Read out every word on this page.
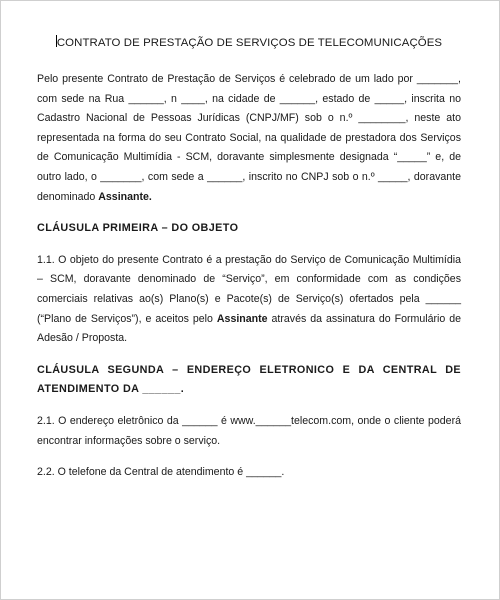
CONTRATO DE PRESTAÇÃO DE SERVIÇOS DE TELECOMUNICAÇÕES

Pelo presente Contrato de Prestação de Serviços é celebrado de um lado por _______, com sede na Rua ______, n ____, na cidade de ______, estado de _____, inscrita no Cadastro Nacional de Pessoas Jurídicas (CNPJ/MF) sob o n.º ________, neste ato representada na forma do seu Contrato Social, na qualidade de prestadora dos Serviços de Comunicação Multimídia - SCM, doravante simplesmente designada “_____” e, de outro lado, o _______, com sede a ______, inscrito no CNPJ sob o n.º _____, doravante denominado Assinante.

CLÁUSULA PRIMEIRA – DO OBJETO

1.1. O objeto do presente Contrato é a prestação do Serviço de Comunicação Multimídia – SCM, doravante denominado de “Serviço”, em conformidade com as condições comerciais relativas ao(s) Plano(s) e Pacote(s) de Serviço(s) ofertados pela ______ (“Plano de Serviços”), e aceitos pelo Assinante através da assinatura do Formulário de Adesão / Proposta.

CLÁUSULA SEGUNDA – ENDEREÇO ELETRONICO E DA CENTRAL DE ATENDIMENTO DA ______.

2.1. O endereço eletrônico da ______ é www.______telecom.com, onde o cliente poderá encontrar informações sobre o serviço.

2.2. O telefone da Central de atendimento é ______.
